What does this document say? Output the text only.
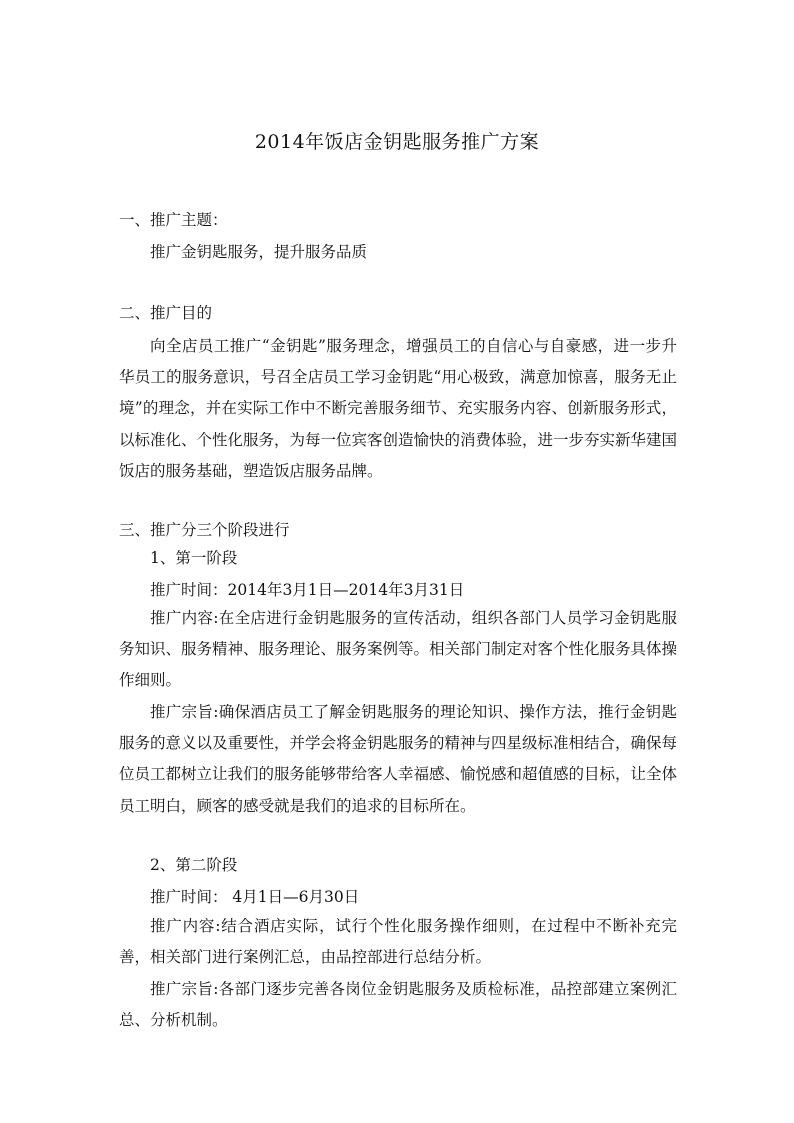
2014年饭店金钥匙服务推广方案
一、推广主题：
推广金钥匙服务，提升服务品质
二、推广目的
向全店员工推广“金钥匙”服务理念，增强员工的自信心与自豪感，进一步升华员工的服务意识，号召全店员工学习金钥匙“用心极致，满意加惊喜，服务无止境”的理念，并在实际工作中不断完善服务细节、充实服务内容、创新服务形式，以标准化、个性化服务，为每一位宾客创造愉快的消费体验，进一步夯实新华建国饭店的服务基础，塑造饭店服务品牌。
三、推广分三个阶段进行
1、第一阶段
推广时间：2014年3月1日—2014年3月31日
推广内容:在全店进行金钥匙服务的宣传活动，组织各部门人员学习金钥匙服务知识、服务精神、服务理论、服务案例等。相关部门制定对客个性化服务具体操作细则。
推广宗旨:确保酒店员工了解金钥匙服务的理论知识、操作方法，推行金钥匙服务的意义以及重要性，并学会将金钥匙服务的精神与四星级标准相结合，确保每位员工都树立让我们的服务能够带给客人幸福感、愉悦感和超值感的目标，让全体员工明白，顾客的感受就是我们的追求的目标所在。
2、第二阶段
推广时间： 4月1日—6月30日
推广内容:结合酒店实际，试行个性化服务操作细则，在过程中不断补充完善，相关部门进行案例汇总，由品控部进行总结分析。
推广宗旨:各部门逐步完善各岗位金钥匙服务及质检标准，品控部建立案例汇总、分析机制。
